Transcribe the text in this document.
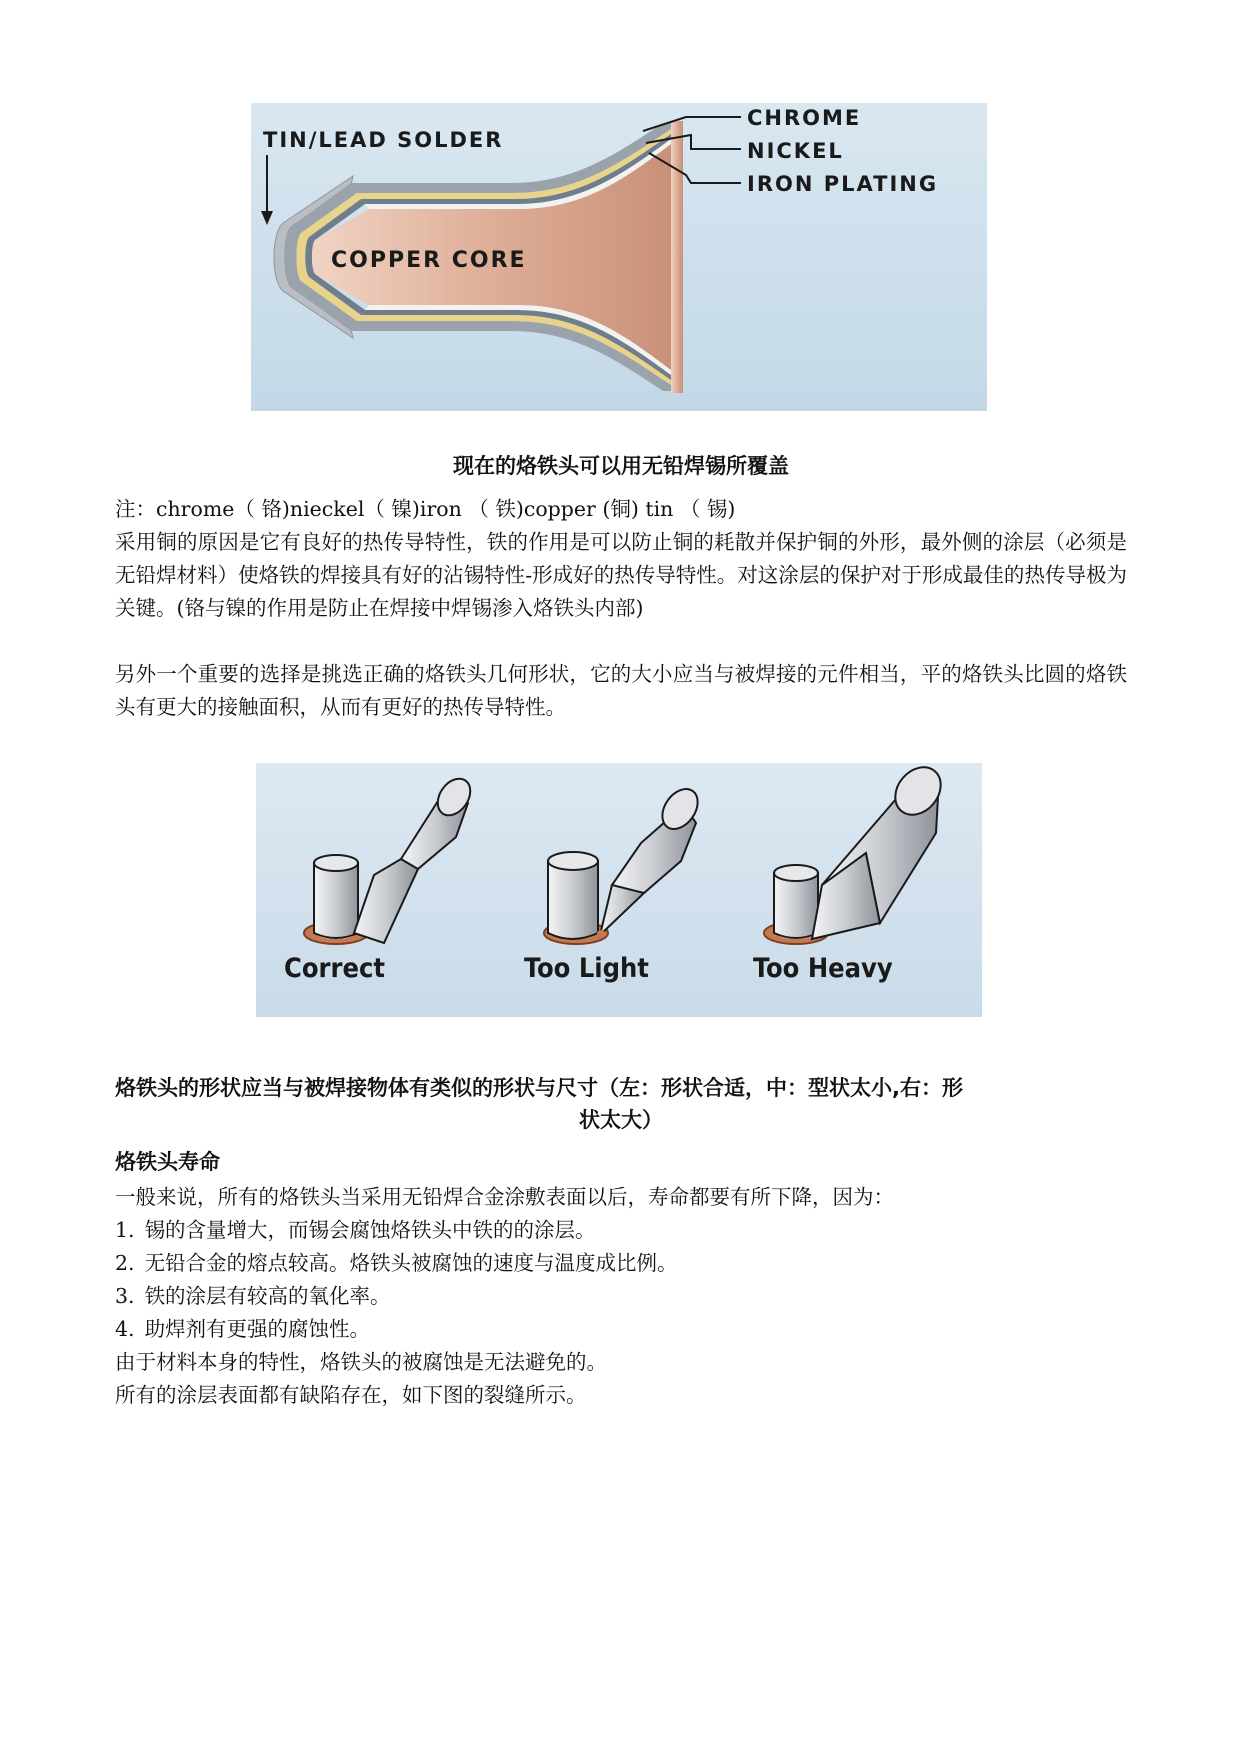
TIN/LEAD SOLDER
COPPER CORE
CHROME
NICKEL
IRON PLATING
现在的烙铁头可以用无铅焊锡所覆盖
注：chrome（ 铬)nieckel（ 镍)iron （ 铁)copper (铜) tin （ 锡)
采用铜的原因是它有良好的热传导特性，铁的作用是可以防止铜的耗散并保护铜的外形，最外侧的涂层（必须是无铅焊材料）使烙铁的焊接具有好的沾锡特性-形成好的热传导特性。对这涂层的保护对于形成最佳的热传导极为关键。(铬与镍的作用是防止在焊接中焊锡渗入烙铁头内部)
另外一个重要的选择是挑选正确的烙铁头几何形状，它的大小应当与被焊接的元件相当，平的烙铁头比圆的烙铁头有更大的接触面积，从而有更好的热传导特性。
Correct	Too Light	Too Heavy
烙铁头的形状应当与被焊接物体有类似的形状与尺寸（左：形状合适，中：型状太小,右：形
状太大）
烙铁头寿命
一般来说，所有的烙铁头当采用无铅焊合金涂敷表面以后，寿命都要有所下降，因为：
1. 锡的含量增大，而锡会腐蚀烙铁头中铁的的涂层。
2. 无铅合金的熔点较高。烙铁头被腐蚀的速度与温度成比例。
3. 铁的涂层有较高的氧化率。
4. 助焊剂有更强的腐蚀性。
由于材料本身的特性，烙铁头的被腐蚀是无法避免的。
所有的涂层表面都有缺陷存在，如下图的裂缝所示。
